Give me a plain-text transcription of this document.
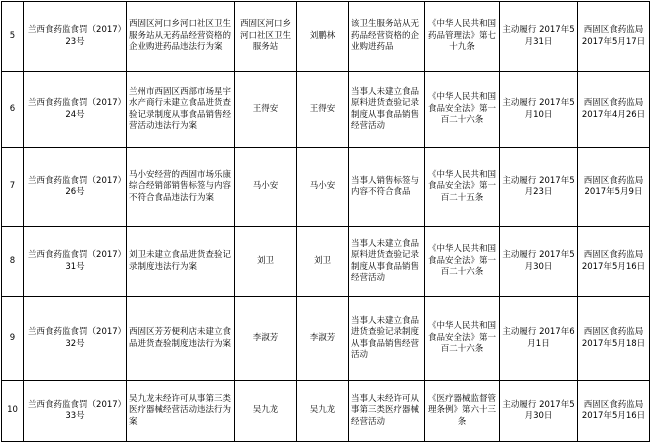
5	兰西食药监食罚（2017）23号	西固区河口乡河口社区卫生服务站从无药品经营资格的企业购进药品违法行为案	西固区河口乡河口社区卫生服务站	刘鹏林	该卫生服务站从无药品经营资格的企业购进药品	《中华人民共和国药品管理法》第七十九条	主动履行 2017年5月31日	西固区食药监局 2017年5月17日
6	兰西食药监食罚（2017）24号	兰州市西固区西部市场星宇水产商行未建立食品进货查验记录制度从事食品销售经营活动违法行为案	王得安	王得安	当事人未建立食品原料进货查验记录制度从事食品销售经营活动	《中华人民共和国食品安全法》第一百二十六条	主动履行 2017年5月10日	西固区食药监局 2017年4月26日
7	兰西食药监食罚（2017）26号	马小安经营的西固市场乐康综合经销部销售标签与内容不符合食品违法行为案	马小安	马小安	当事人销售标签与内容不符合食品	《中华人民共和国食品安全法》第一百二十五条	主动履行 2017年5月23日	西固区食药监局 2017年5月9日
8	兰西食药监食罚（2017）31号	刘卫未建立食品进货查验记录制度违法行为案	刘卫	刘卫	当事人未建立食品原料进货查验记录制度从事食品销售经营活动	《中华人民共和国食品安全法》第一百二十六条	主动履行 2017年5月30日	西固区食药监局 2017年5月16日
9	兰西食药监食罚（2017）32号	西固区芳芳便利店未建立食品进货查验制度违法行为案	李淑芳	李淑芳	当事人未建立食品进货查验记录制度从事食品销售经营活动	《中华人民共和国食品安全法》第一百二十六条	主动履行 2017年6月1日	西固区食药监局 2017年5月18日
10	兰西食药监食罚（2017）33号	吴九龙未经许可从事第三类医疗器械经营活动违法行为案	吴九龙	吴九龙	当事人未经许可从事第三类医疗器械经营活动	《医疗器械监督管理条例》第六十三条	主动履行 2017年5月30日	西固区食药监局 2017年5月16日
